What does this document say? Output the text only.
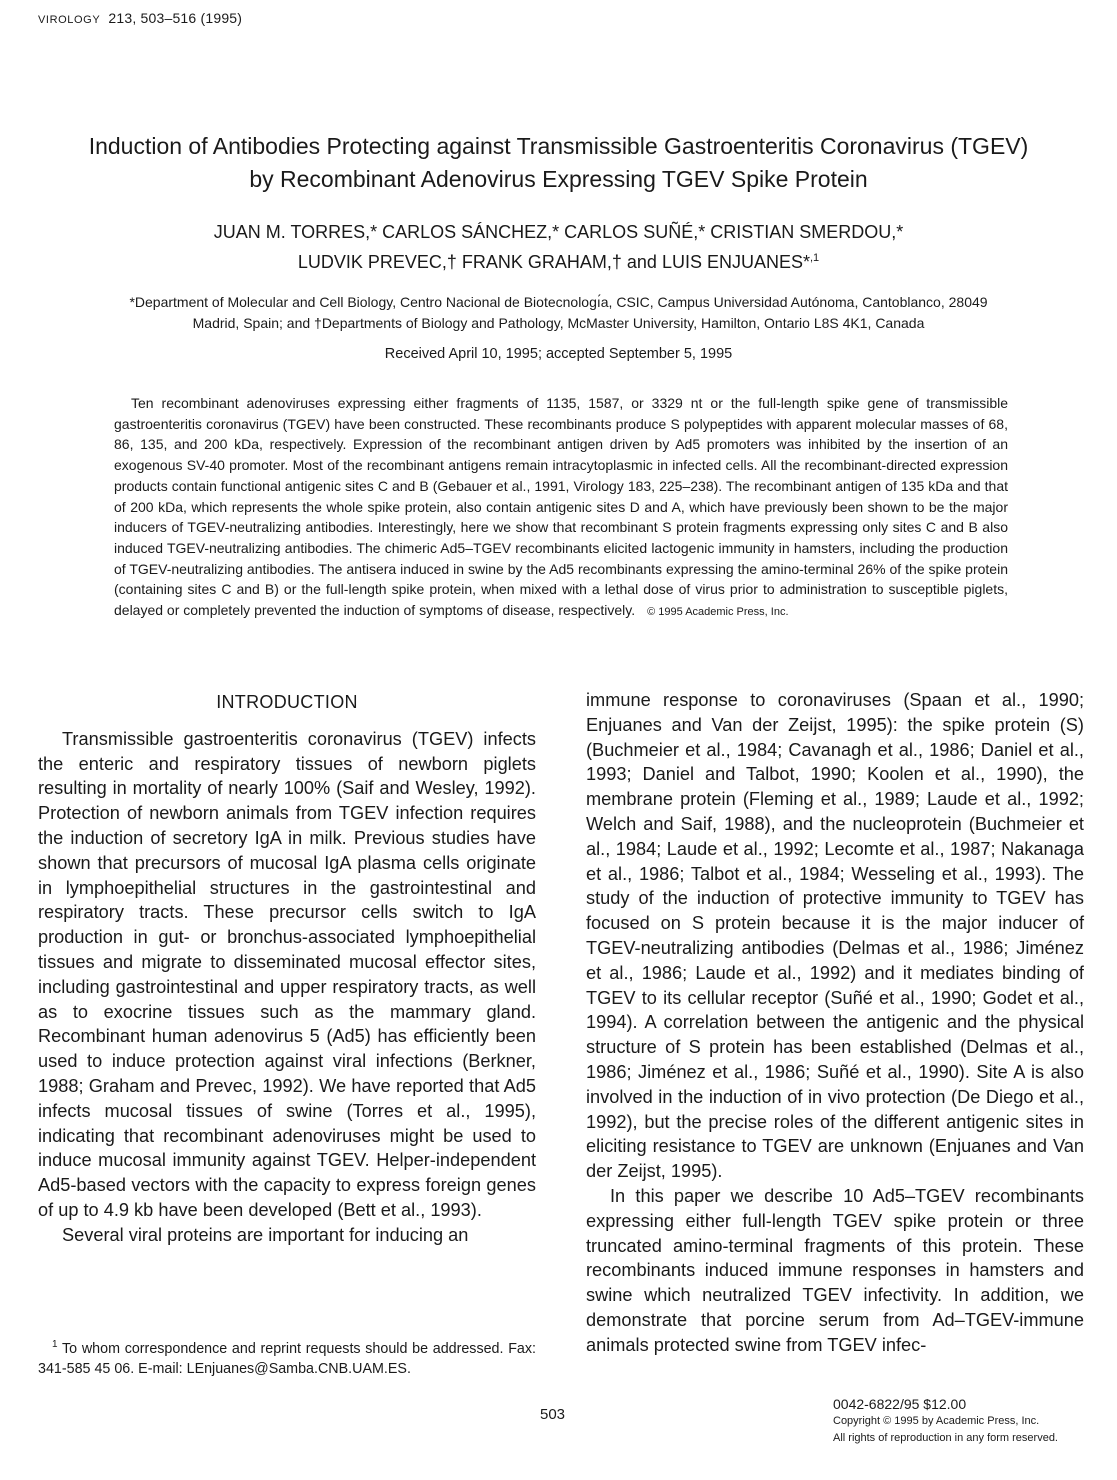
VIROLOGY 213, 503–516 (1995)
Induction of Antibodies Protecting against Transmissible Gastroenteritis Coronavirus (TGEV)
by Recombinant Adenovirus Expressing TGEV Spike Protein
JUAN M. TORRES,* CARLOS SÁNCHEZ,* CARLOS SUÑÉ,* CRISTIAN SMERDOU,*
LUDVIK PREVEC,† FRANK GRAHAM,† and LUIS ENJUANES*$^{,1}$
*Department of Molecular and Cell Biology, Centro Nacional de Biotecnologı́a, CSIC, Campus Universidad Autónoma, Cantoblanco, 28049
Madrid, Spain; and †Departments of Biology and Pathology, McMaster University, Hamilton, Ontario L8S 4K1, Canada
Received April 10, 1995; accepted September 5, 1995

Ten recombinant adenoviruses expressing either fragments of 1135, 1587, or 3329 nt or the full-length spike gene of transmissible gastroenteritis coronavirus (TGEV) have been constructed. These recombinants produce S polypeptides with apparent molecular masses of 68, 86, 135, and 200 kDa, respectively. Expression of the recombinant antigen driven by Ad5 promoters was inhibited by the insertion of an exogenous SV-40 promoter. Most of the recombinant antigens remain intracytoplasmic in infected cells. All the recombinant-directed expression products contain functional antigenic sites C and B (Gebauer et al., 1991, Virology 183, 225–238). The recombinant antigen of 135 kDa and that of 200 kDa, which represents the whole spike protein, also contain antigenic sites D and A, which have previously been shown to be the major inducers of TGEV-neutralizing antibodies. Interestingly, here we show that recombinant S protein fragments expressing only sites C and B also induced TGEV-neutralizing antibodies. The chimeric Ad5–TGEV recombinants elicited lactogenic immunity in hamsters, including the production of TGEV-neutralizing antibodies. The antisera induced in swine by the Ad5 recombinants expressing the amino-terminal 26% of the spike protein (containing sites C and B) or the full-length spike protein, when mixed with a lethal dose of virus prior to administration to susceptible piglets, delayed or completely prevented the induction of symptoms of disease, respectively. © 1995 Academic Press, Inc.

INTRODUCTION

Transmissible gastroenteritis coronavirus (TGEV) infects the enteric and respiratory tissues of newborn piglets resulting in mortality of nearly 100% (Saif and Wesley, 1992). Protection of newborn animals from TGEV infection requires the induction of secretory IgA in milk. Previous studies have shown that precursors of mucosal IgA plasma cells originate in lymphoepithelial structures in the gastrointestinal and respiratory tracts. These precursor cells switch to IgA production in gut- or bronchus-associated lymphoepithelial tissues and migrate to disseminated mucosal effector sites, including gastrointestinal and upper respiratory tracts, as well as to exocrine tissues such as the mammary gland. Recombinant human adenovirus 5 (Ad5) has efficiently been used to induce protection against viral infections (Berkner, 1988; Graham and Prevec, 1992). We have reported that Ad5 infects mucosal tissues of swine (Torres et al., 1995), indicating that recombinant adenoviruses might be used to induce mucosal immunity against TGEV. Helper-independent Ad5-based vectors with the capacity to express foreign genes of up to 4.9 kb have been developed (Bett et al., 1993).

Several viral proteins are important for inducing an

immune response to coronaviruses (Spaan et al., 1990; Enjuanes and Van der Zeijst, 1995): the spike protein (S) (Buchmeier et al., 1984; Cavanagh et al., 1986; Daniel et al., 1993; Daniel and Talbot, 1990; Koolen et al., 1990), the membrane protein (Fleming et al., 1989; Laude et al., 1992; Welch and Saif, 1988), and the nucleoprotein (Buchmeier et al., 1984; Laude et al., 1992; Lecomte et al., 1987; Nakanaga et al., 1986; Talbot et al., 1984; Wesseling et al., 1993). The study of the induction of protective immunity to TGEV has focused on S protein because it is the major inducer of TGEV-neutralizing antibodies (Delmas et al., 1986; Jiménez et al., 1986; Laude et al., 1992) and it mediates binding of TGEV to its cellular receptor (Suñé et al., 1990; Godet et al., 1994). A correlation between the antigenic and the physical structure of S protein has been established (Delmas et al., 1986; Jiménez et al., 1986; Suñé et al., 1990). Site A is also involved in the induction of in vivo protection (De Diego et al., 1992), but the precise roles of the different antigenic sites in eliciting resistance to TGEV are unknown (Enjuanes and Van der Zeijst, 1995).

In this paper we describe 10 Ad5–TGEV recombinants expressing either full-length TGEV spike protein or three truncated amino-terminal fragments of this protein. These recombinants induced immune responses in hamsters and swine which neutralized TGEV infectivity. In addition, we demonstrate that porcine serum from Ad–TGEV-immune animals protected swine from TGEV infec-

$^1$ To whom correspondence and reprint requests should be addressed. Fax: 341-585 45 06. E-mail: LEnjuanes@Samba.CNB.UAM.ES.

503
0042-6822/95 $12.00
Copyright © 1995 by Academic Press, Inc.
All rights of reproduction in any form reserved.
